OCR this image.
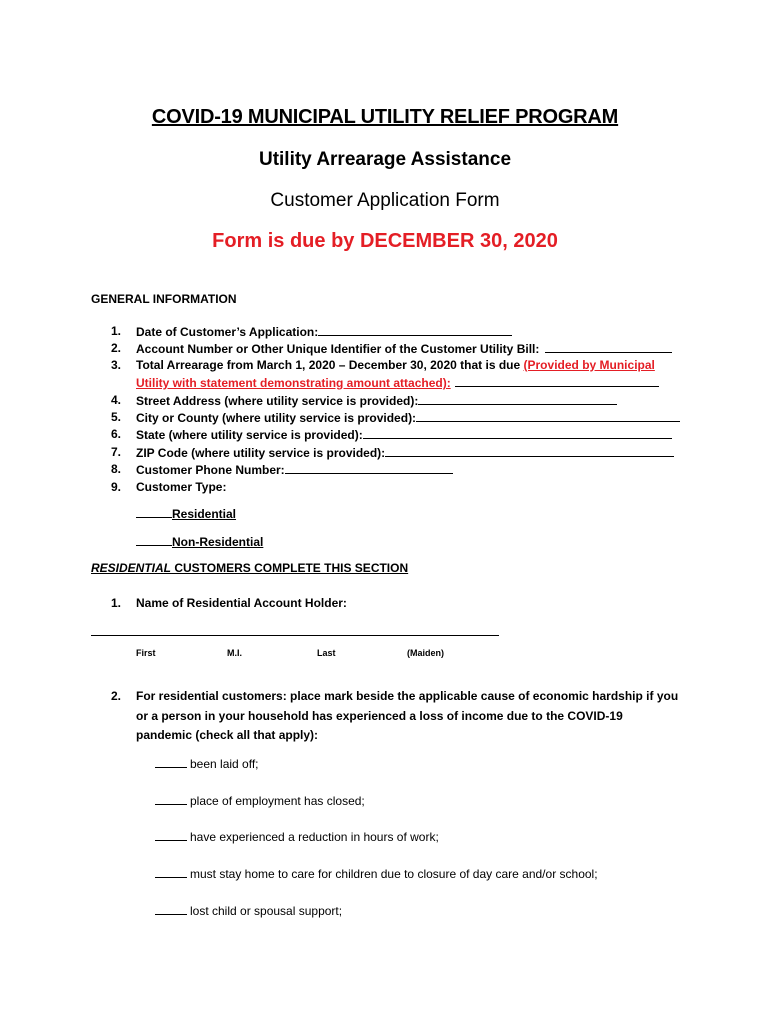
COVID-19 MUNICIPAL UTILITY RELIEF PROGRAM
Utility Arrearage Assistance
Customer Application Form
Form is due by DECEMBER 30, 2020
GENERAL INFORMATION
1. Date of Customer’s Application:
2. Account Number or Other Unique Identifier of the Customer Utility Bill:
3. Total Arrearage from March 1, 2020 – December 30, 2020 that is due (Provided by Municipal
Utility with statement demonstrating amount attached):
4. Street Address (where utility service is provided):
5. City or County (where utility service is provided):
6. State (where utility service is provided):
7. ZIP Code (where utility service is provided):
8. Customer Phone Number:
9. Customer Type:
Residential
Non-Residential
RESIDENTIAL CUSTOMERS COMPLETE THIS SECTION
1. Name of Residential Account Holder:
First	M.I.	Last	(Maiden)
2. For residential customers: place mark beside the applicable cause of economic hardship if you
or a person in your household has experienced a loss of income due to the COVID-19
pandemic (check all that apply):
been laid off;
place of employment has closed;
have experienced a reduction in hours of work;
must stay home to care for children due to closure of day care and/or school;
lost child or spousal support;
